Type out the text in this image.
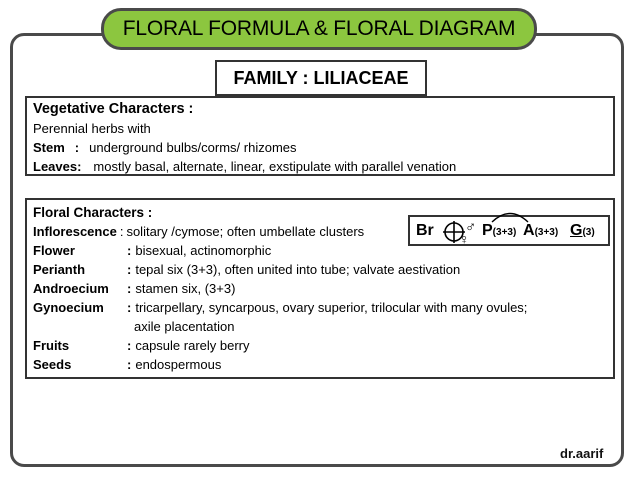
FLORAL FORMULA & FLORAL DIAGRAM
FAMILY : LILIACEAE
Vegetative Characters :
Perennial herbs with
Stem : underground bulbs/corms/ rhizomes
Leaves: mostly basal, alternate, linear, exstipulate with parallel venation
Floral Characters :
Inflorescence : solitary /cymose; often umbellate clusters
Flower	: bisexual, actinomorphic
Perianth	: tepal six (3+3), often united into tube; valvate aestivation
Androecium	: stamen six, (3+3)
Gynoecium	: tricarpellary, syncarpous, ovary superior, trilocular with many ovules;
axile placentation
Fruits	: capsule rarely berry
Seeds	: endospermous
Br ♂
♀ P(3+3) A(3+3) G(3)
dr.aarif
